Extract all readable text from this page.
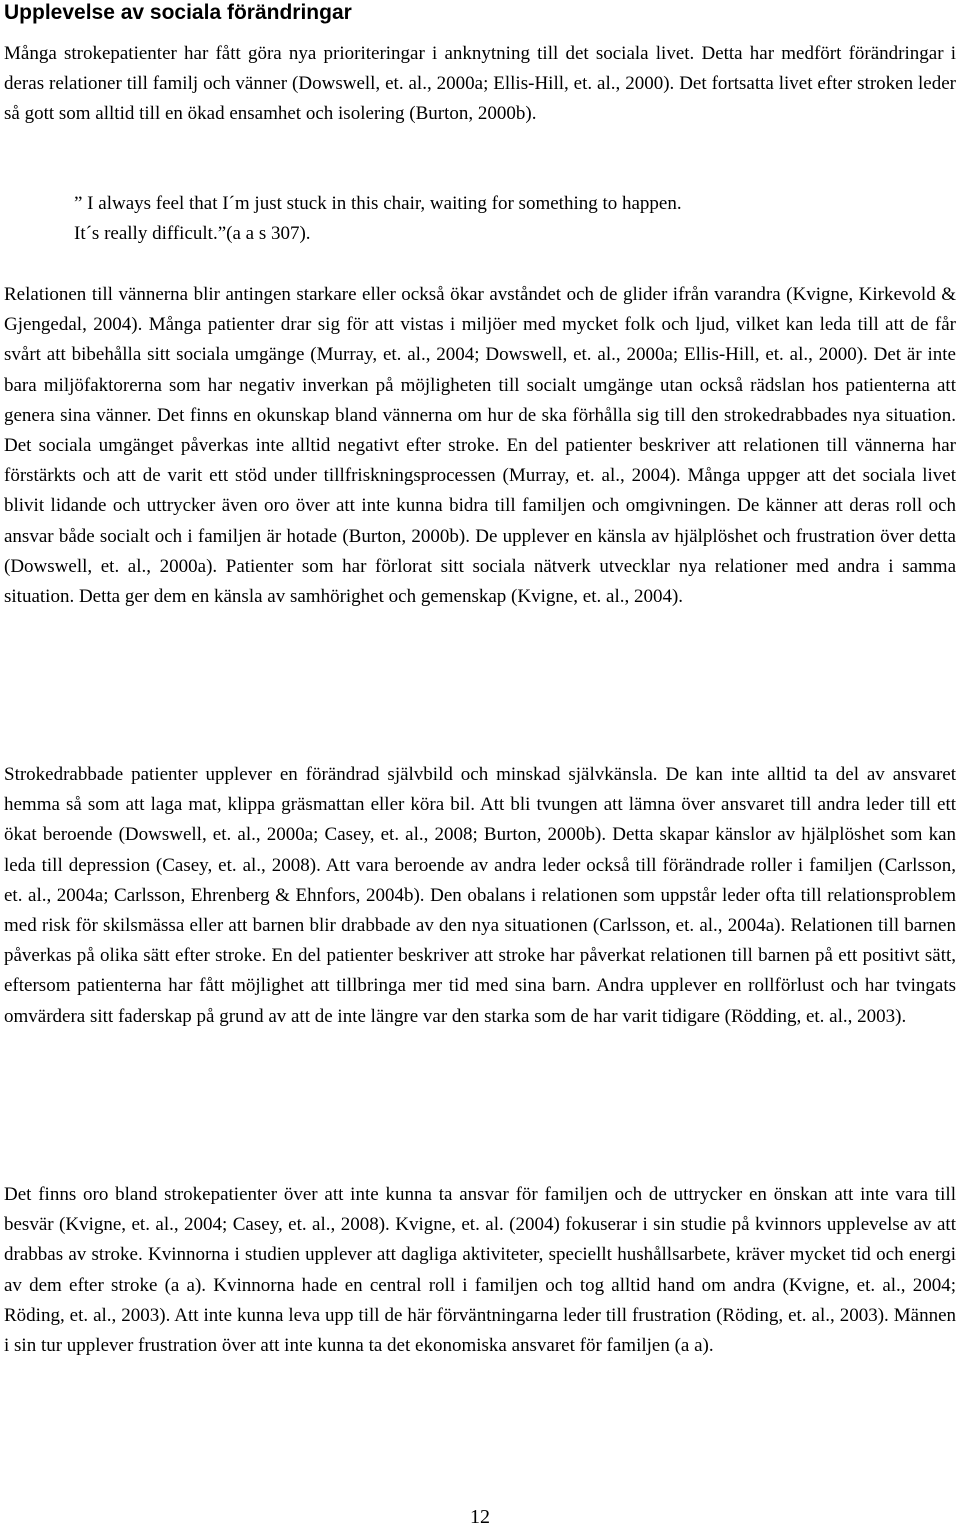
Upplevelse av sociala förändringar

Många strokepatienter har fått göra nya prioriteringar i anknytning till det sociala livet. Detta har medfört förändringar i deras relationer till familj och vänner (Dowswell, et. al., 2000a; Ellis-Hill, et. al., 2000). Det fortsatta livet efter stroken leder så gott som alltid till en ökad ensamhet och isolering (Burton, 2000b).

” I always feel that I´m just stuck in this chair, waiting for something to happen.
It´s really difficult.”(a a s 307).

Relationen till vännerna blir antingen starkare eller också ökar avståndet och de glider ifrån varandra (Kvigne, Kirkevold & Gjengedal, 2004). Många patienter drar sig för att vistas i miljöer med mycket folk och ljud, vilket kan leda till att de får svårt att bibehålla sitt sociala umgänge (Murray, et. al., 2004; Dowswell, et. al., 2000a; Ellis-Hill, et. al., 2000). Det är inte bara miljöfaktorerna som har negativ inverkan på möjligheten till socialt umgänge utan också rädslan hos patienterna att genera sina vänner. Det finns en okunskap bland vännerna om hur de ska förhålla sig till den strokedrabbades nya situation. Det sociala umgänget påverkas inte alltid negativt efter stroke. En del patienter beskriver att relationen till vännerna har förstärkts och att de varit ett stöd under tillfriskningsprocessen (Murray, et. al., 2004). Många uppger att det sociala livet blivit lidande och uttrycker även oro över att inte kunna bidra till familjen och omgivningen. De känner att deras roll och ansvar både socialt och i familjen är hotade (Burton, 2000b). De upplever en känsla av hjälplöshet och frustration över detta (Dowswell, et. al., 2000a). Patienter som har förlorat sitt sociala nätverk utvecklar nya relationer med andra i samma situation. Detta ger dem en känsla av samhörighet och gemenskap (Kvigne, et. al., 2004).

Strokedrabbade patienter upplever en förändrad självbild och minskad självkänsla. De kan inte alltid ta del av ansvaret hemma så som att laga mat, klippa gräsmattan eller köra bil. Att bli tvungen att lämna över ansvaret till andra leder till ett ökat beroende (Dowswell, et. al., 2000a; Casey, et. al., 2008; Burton, 2000b). Detta skapar känslor av hjälplöshet som kan leda till depression (Casey, et. al., 2008). Att vara beroende av andra leder också till förändrade roller i familjen (Carlsson, et. al., 2004a; Carlsson, Ehrenberg & Ehnfors, 2004b). Den obalans i relationen som uppstår leder ofta till relationsproblem med risk för skilsmässa eller att barnen blir drabbade av den nya situationen (Carlsson, et. al., 2004a). Relationen till barnen påverkas på olika sätt efter stroke. En del patienter beskriver att stroke har påverkat relationen till barnen på ett positivt sätt, eftersom patienterna har fått möjlighet att tillbringa mer tid med sina barn. Andra upplever en rollförlust och har tvingats omvärdera sitt faderskap på grund av att de inte längre var den starka som de har varit tidigare (Rödding, et. al., 2003).

Det finns oro bland strokepatienter över att inte kunna ta ansvar för familjen och de uttrycker en önskan att inte vara till besvär (Kvigne, et. al., 2004; Casey, et. al., 2008). Kvigne, et. al. (2004) fokuserar i sin studie på kvinnors upplevelse av att drabbas av stroke. Kvinnorna i studien upplever att dagliga aktiviteter, speciellt hushållsarbete, kräver mycket tid och energi av dem efter stroke (a a). Kvinnorna hade en central roll i familjen och tog alltid hand om andra (Kvigne, et. al., 2004; Röding, et. al., 2003). Att inte kunna leva upp till de här förväntningarna leder till frustration (Röding, et. al., 2003). Männen i sin tur upplever frustration över att inte kunna ta det ekonomiska ansvaret för familjen (a a).

12
